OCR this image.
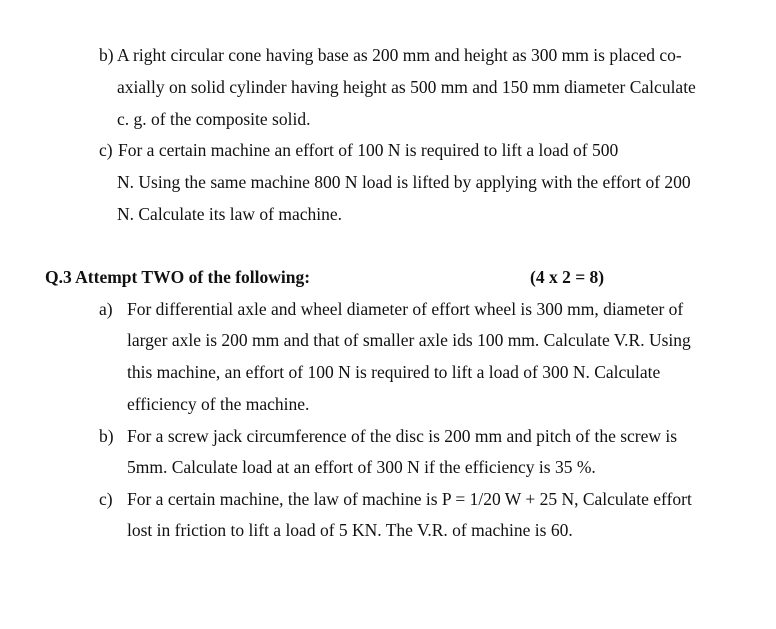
b) A right circular cone having base as 200 mm and height as 300 mm is placed co-
axially on solid cylinder having height as 500 mm and 150 mm diameter Calculate
c. g. of the composite solid.
c) For a certain machine an effort of 100 N is required to lift a load of 500
N. Using the same machine 800 N load is lifted by applying with the effort of 200
N. Calculate its law of machine.
Q.3 Attempt TWO of the following:	(4 x 2 = 8)
a) For differential axle and wheel diameter of effort wheel is 300 mm, diameter of
larger axle is 200 mm and that of smaller axle ids 100 mm. Calculate V.R. Using
this machine, an effort of 100 N is required to lift a load of 300 N. Calculate
efficiency of the machine.
b) For a screw jack circumference of the disc is 200 mm and pitch of the screw is
5mm. Calculate load at an effort of 300 N if the efficiency is 35 %.
c) For a certain machine, the law of machine is P = 1/20 W + 25 N, Calculate effort
lost in friction to lift a load of 5 KN. The V.R. of machine is 60.
